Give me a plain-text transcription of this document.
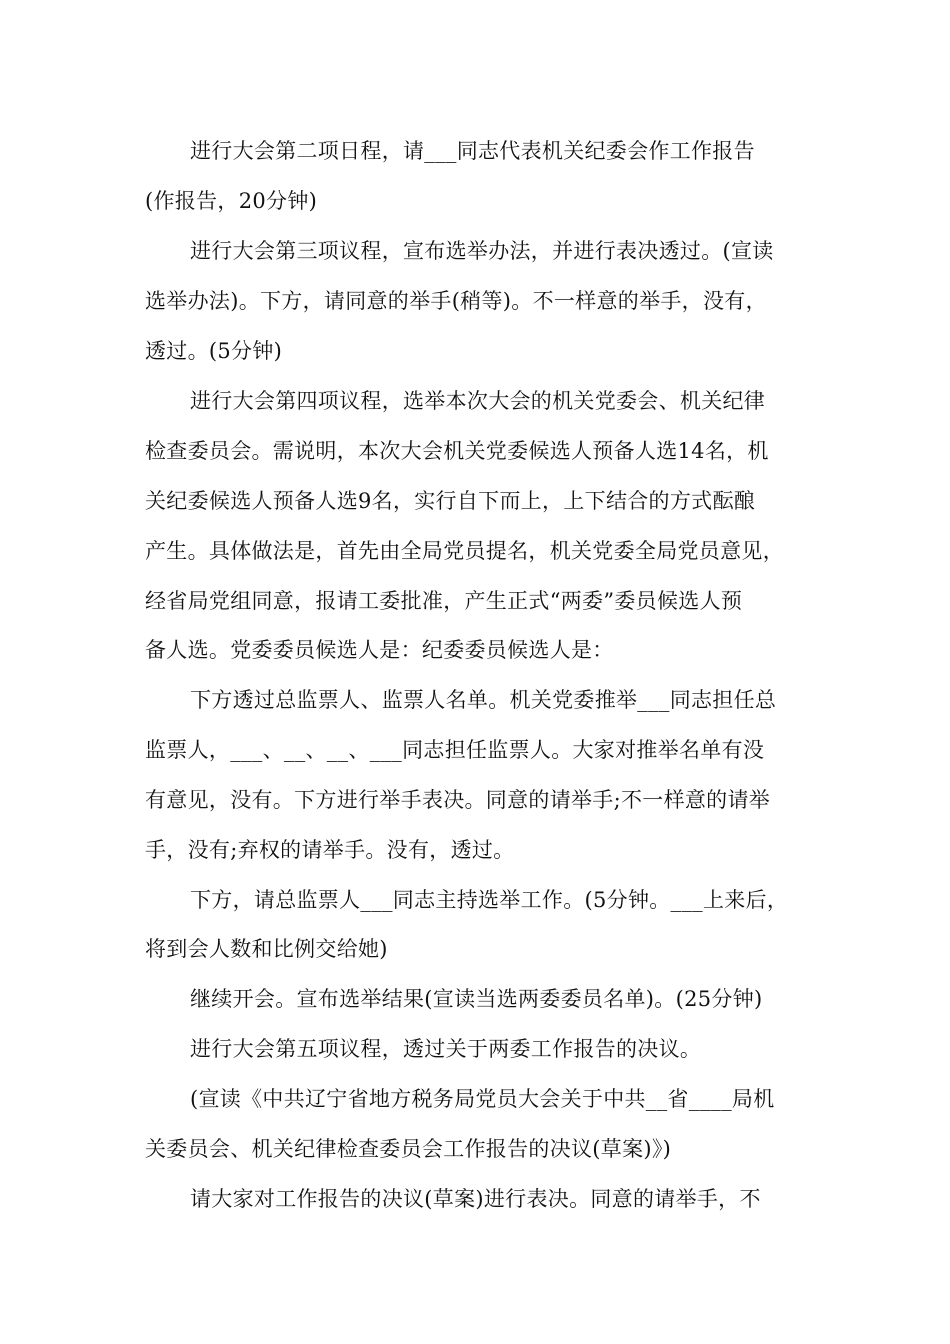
进行大会第二项日程，请___同志代表机关纪委会作工作报告
(作报告，20分钟)
进行大会第三项议程，宣布选举办法，并进行表决透过。(宣读
选举办法)。下方，请同意的举手(稍等)。不一样意的举手，没有，
透过。(5分钟)
进行大会第四项议程，选举本次大会的机关党委会、机关纪律
检查委员会。需说明，本次大会机关党委候选人预备人选14名，机
关纪委候选人预备人选9名，实行自下而上，上下结合的方式酝酿
产生。具体做法是，首先由全局党员提名，机关党委全局党员意见，
经省局党组同意，报请工委批准，产生正式“两委”委员候选人预
备人选。党委委员候选人是：纪委委员候选人是：
下方透过总监票人、监票人名单。机关党委推举___同志担任总
监票人，___、__、__、___同志担任监票人。大家对推举名单有没
有意见，没有。下方进行举手表决。同意的请举手;不一样意的请举
手，没有;弃权的请举手。没有，透过。
下方，请总监票人___同志主持选举工作。(5分钟。___上来后，
将到会人数和比例交给她)
继续开会。宣布选举结果(宣读当选两委委员名单)。(25分钟)
进行大会第五项议程，透过关于两委工作报告的决议。
(宣读《中共辽宁省地方税务局党员大会关于中共__省____局机
关委员会、机关纪律检查委员会工作报告的决议(草案)》)
请大家对工作报告的决议(草案)进行表决。同意的请举手，不
